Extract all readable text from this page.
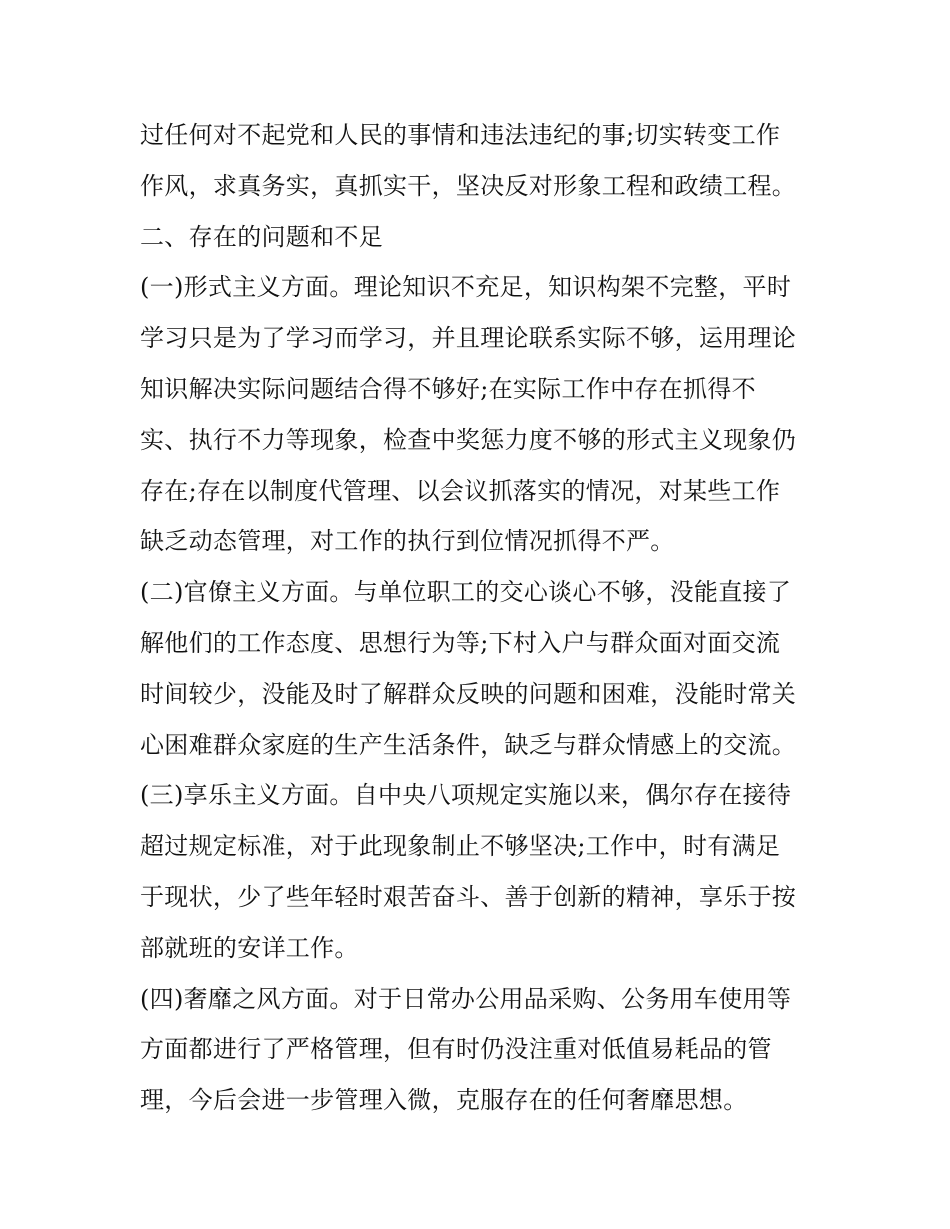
过任何对不起党和人民的事情和违法违纪的事;切实转变工作
作风，求真务实，真抓实干，坚决反对形象工程和政绩工程。
二、存在的问题和不足
(一)形式主义方面。理论知识不充足，知识构架不完整，平时
学习只是为了学习而学习，并且理论联系实际不够，运用理论
知识解决实际问题结合得不够好;在实际工作中存在抓得不
实、执行不力等现象，检查中奖惩力度不够的形式主义现象仍
存在;存在以制度代管理、以会议抓落实的情况，对某些工作
缺乏动态管理，对工作的执行到位情况抓得不严。
(二)官僚主义方面。与单位职工的交心谈心不够，没能直接了
解他们的工作态度、思想行为等;下村入户与群众面对面交流
时间较少，没能及时了解群众反映的问题和困难，没能时常关
心困难群众家庭的生产生活条件，缺乏与群众情感上的交流。
(三)享乐主义方面。自中央八项规定实施以来，偶尔存在接待
超过规定标准，对于此现象制止不够坚决;工作中，时有满足
于现状，少了些年轻时艰苦奋斗、善于创新的精神，享乐于按
部就班的安详工作。
(四)奢靡之风方面。对于日常办公用品采购、公务用车使用等
方面都进行了严格管理，但有时仍没注重对低值易耗品的管
理，今后会进一步管理入微，克服存在的任何奢靡思想。
